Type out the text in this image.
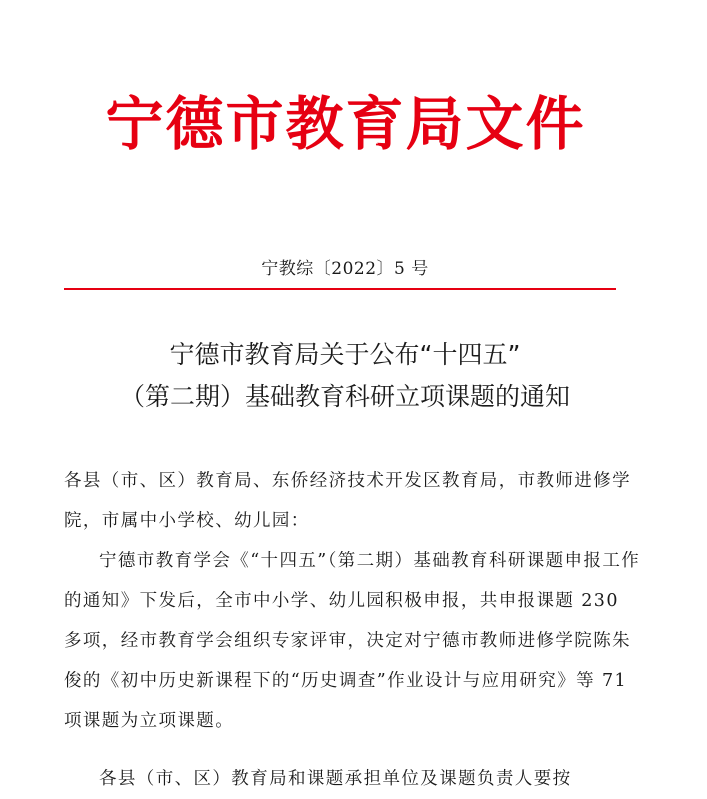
宁德市教育局文件
宁教综〔2022〕5 号
宁德市教育局关于公布“十四五”
（第二期）基础教育科研立项课题的通知

各县（市、区）教育局、东侨经济技术开发区教育局，市教师进修学院，市属中小学校、幼儿园：

宁德市教育学会《“十四五”（第二期）基础教育科研课题申报工作的通知》下发后，全市中小学、幼儿园积极申报，共申报课题 230 多项，经市教育学会组织专家评审，决定对宁德市教师进修学院陈朱俊的《初中历史新课程下的“历史调查”作业设计与应用研究》等 71 项课题为立项课题。

各县（市、区）教育局和课题承担单位及课题负责人要按
